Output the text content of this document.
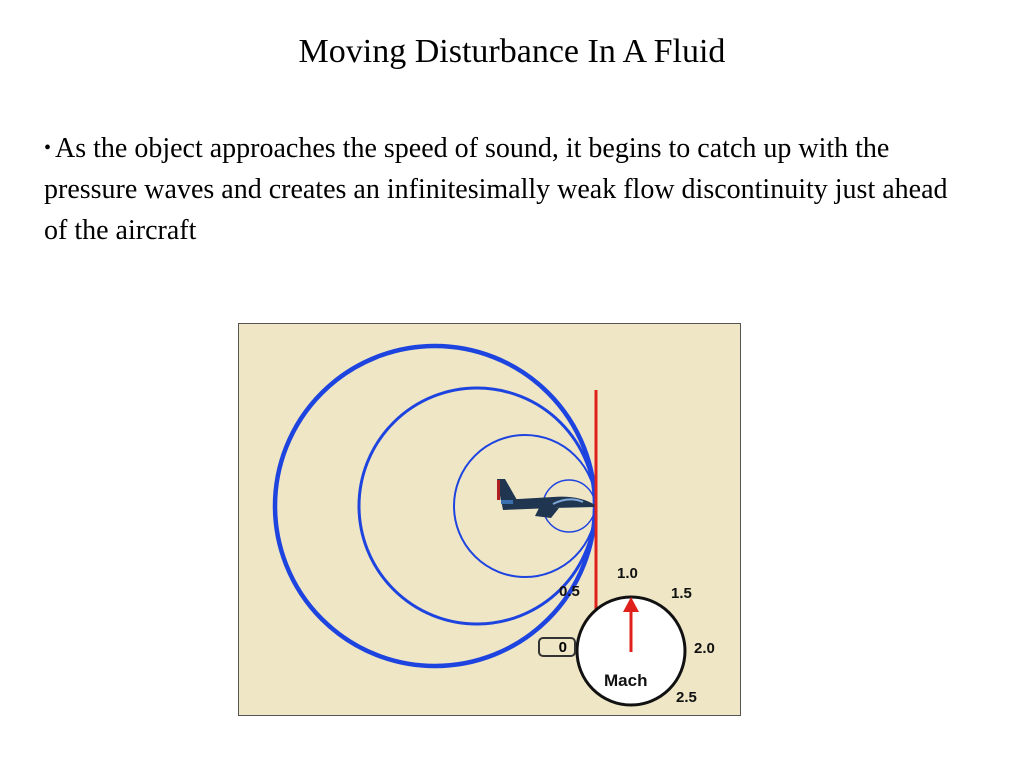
Moving Disturbance In A Fluid
• As the object approaches the speed of sound, it begins to catch up with the pressure waves and creates an infinitesimally weak flow discontinuity just ahead of the aircraft
0
0.5
1.0
1.5
2.0
2.5
Mach
